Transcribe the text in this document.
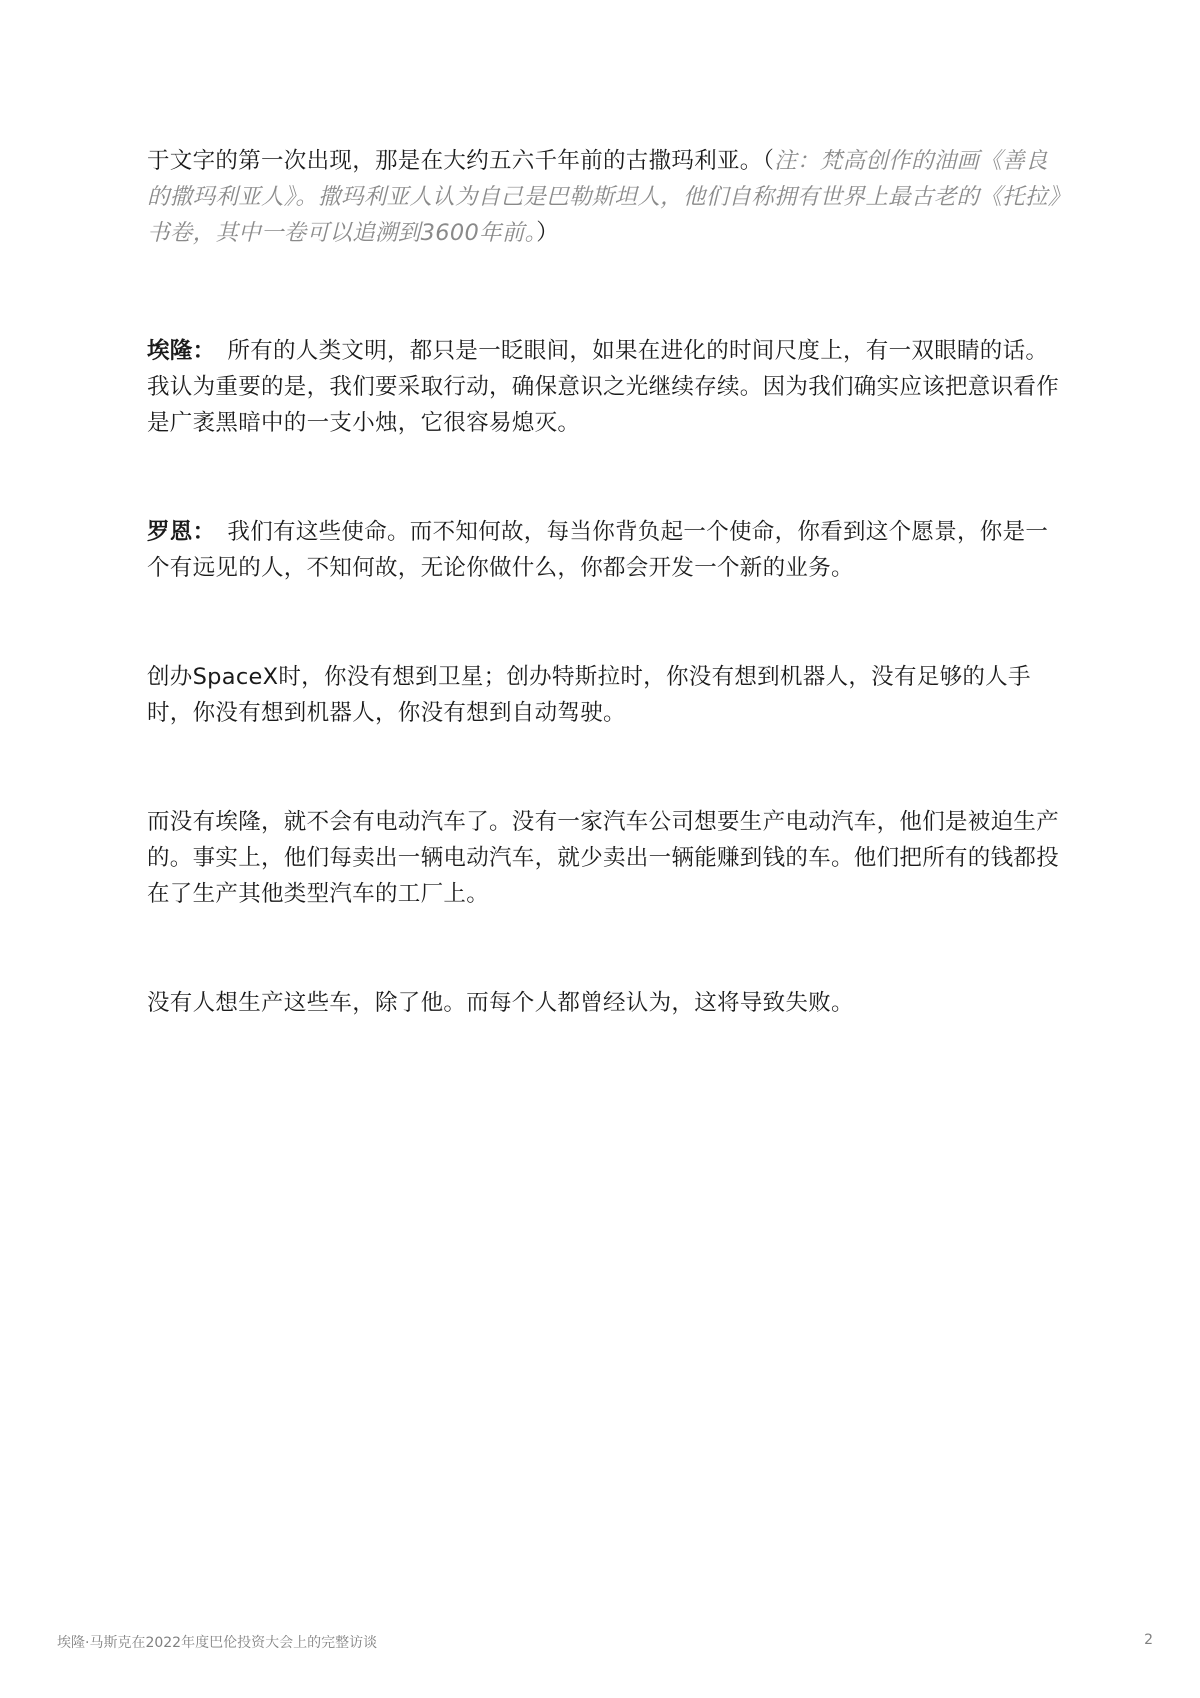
于文字的第一次出现，那是在大约五六千年前的古撒玛利亚。（注：梵高创作的油画《善良的撒玛利亚人》。撒玛利亚人认为自己是巴勒斯坦人，他们自称拥有世界上最古老的《托拉》书卷，其中一卷可以追溯到3600年前。）

埃隆： 所有的人类文明，都只是一眨眼间，如果在进化的时间尺度上，有一双眼睛的话。我认为重要的是，我们要采取行动，确保意识之光继续存续。因为我们确实应该把意识看作是广袤黑暗中的一支小烛，它很容易熄灭。

罗恩： 我们有这些使命。而不知何故，每当你背负起一个使命，你看到这个愿景，你是一个有远见的人，不知何故，无论你做什么，你都会开发一个新的业务。

创办SpaceX时，你没有想到卫星；创办特斯拉时，你没有想到机器人，没有足够的人手时，你没有想到机器人，你没有想到自动驾驶。

而没有埃隆，就不会有电动汽车了。没有一家汽车公司想要生产电动汽车，他们是被迫生产的。事实上，他们每卖出一辆电动汽车，就少卖出一辆能赚到钱的车。他们把所有的钱都投在了生产其他类型汽车的工厂上。

没有人想生产这些车，除了他。而每个人都曾经认为，这将导致失败。

埃隆·马斯克在2022年度巴伦投资大会上的完整访谈	2
